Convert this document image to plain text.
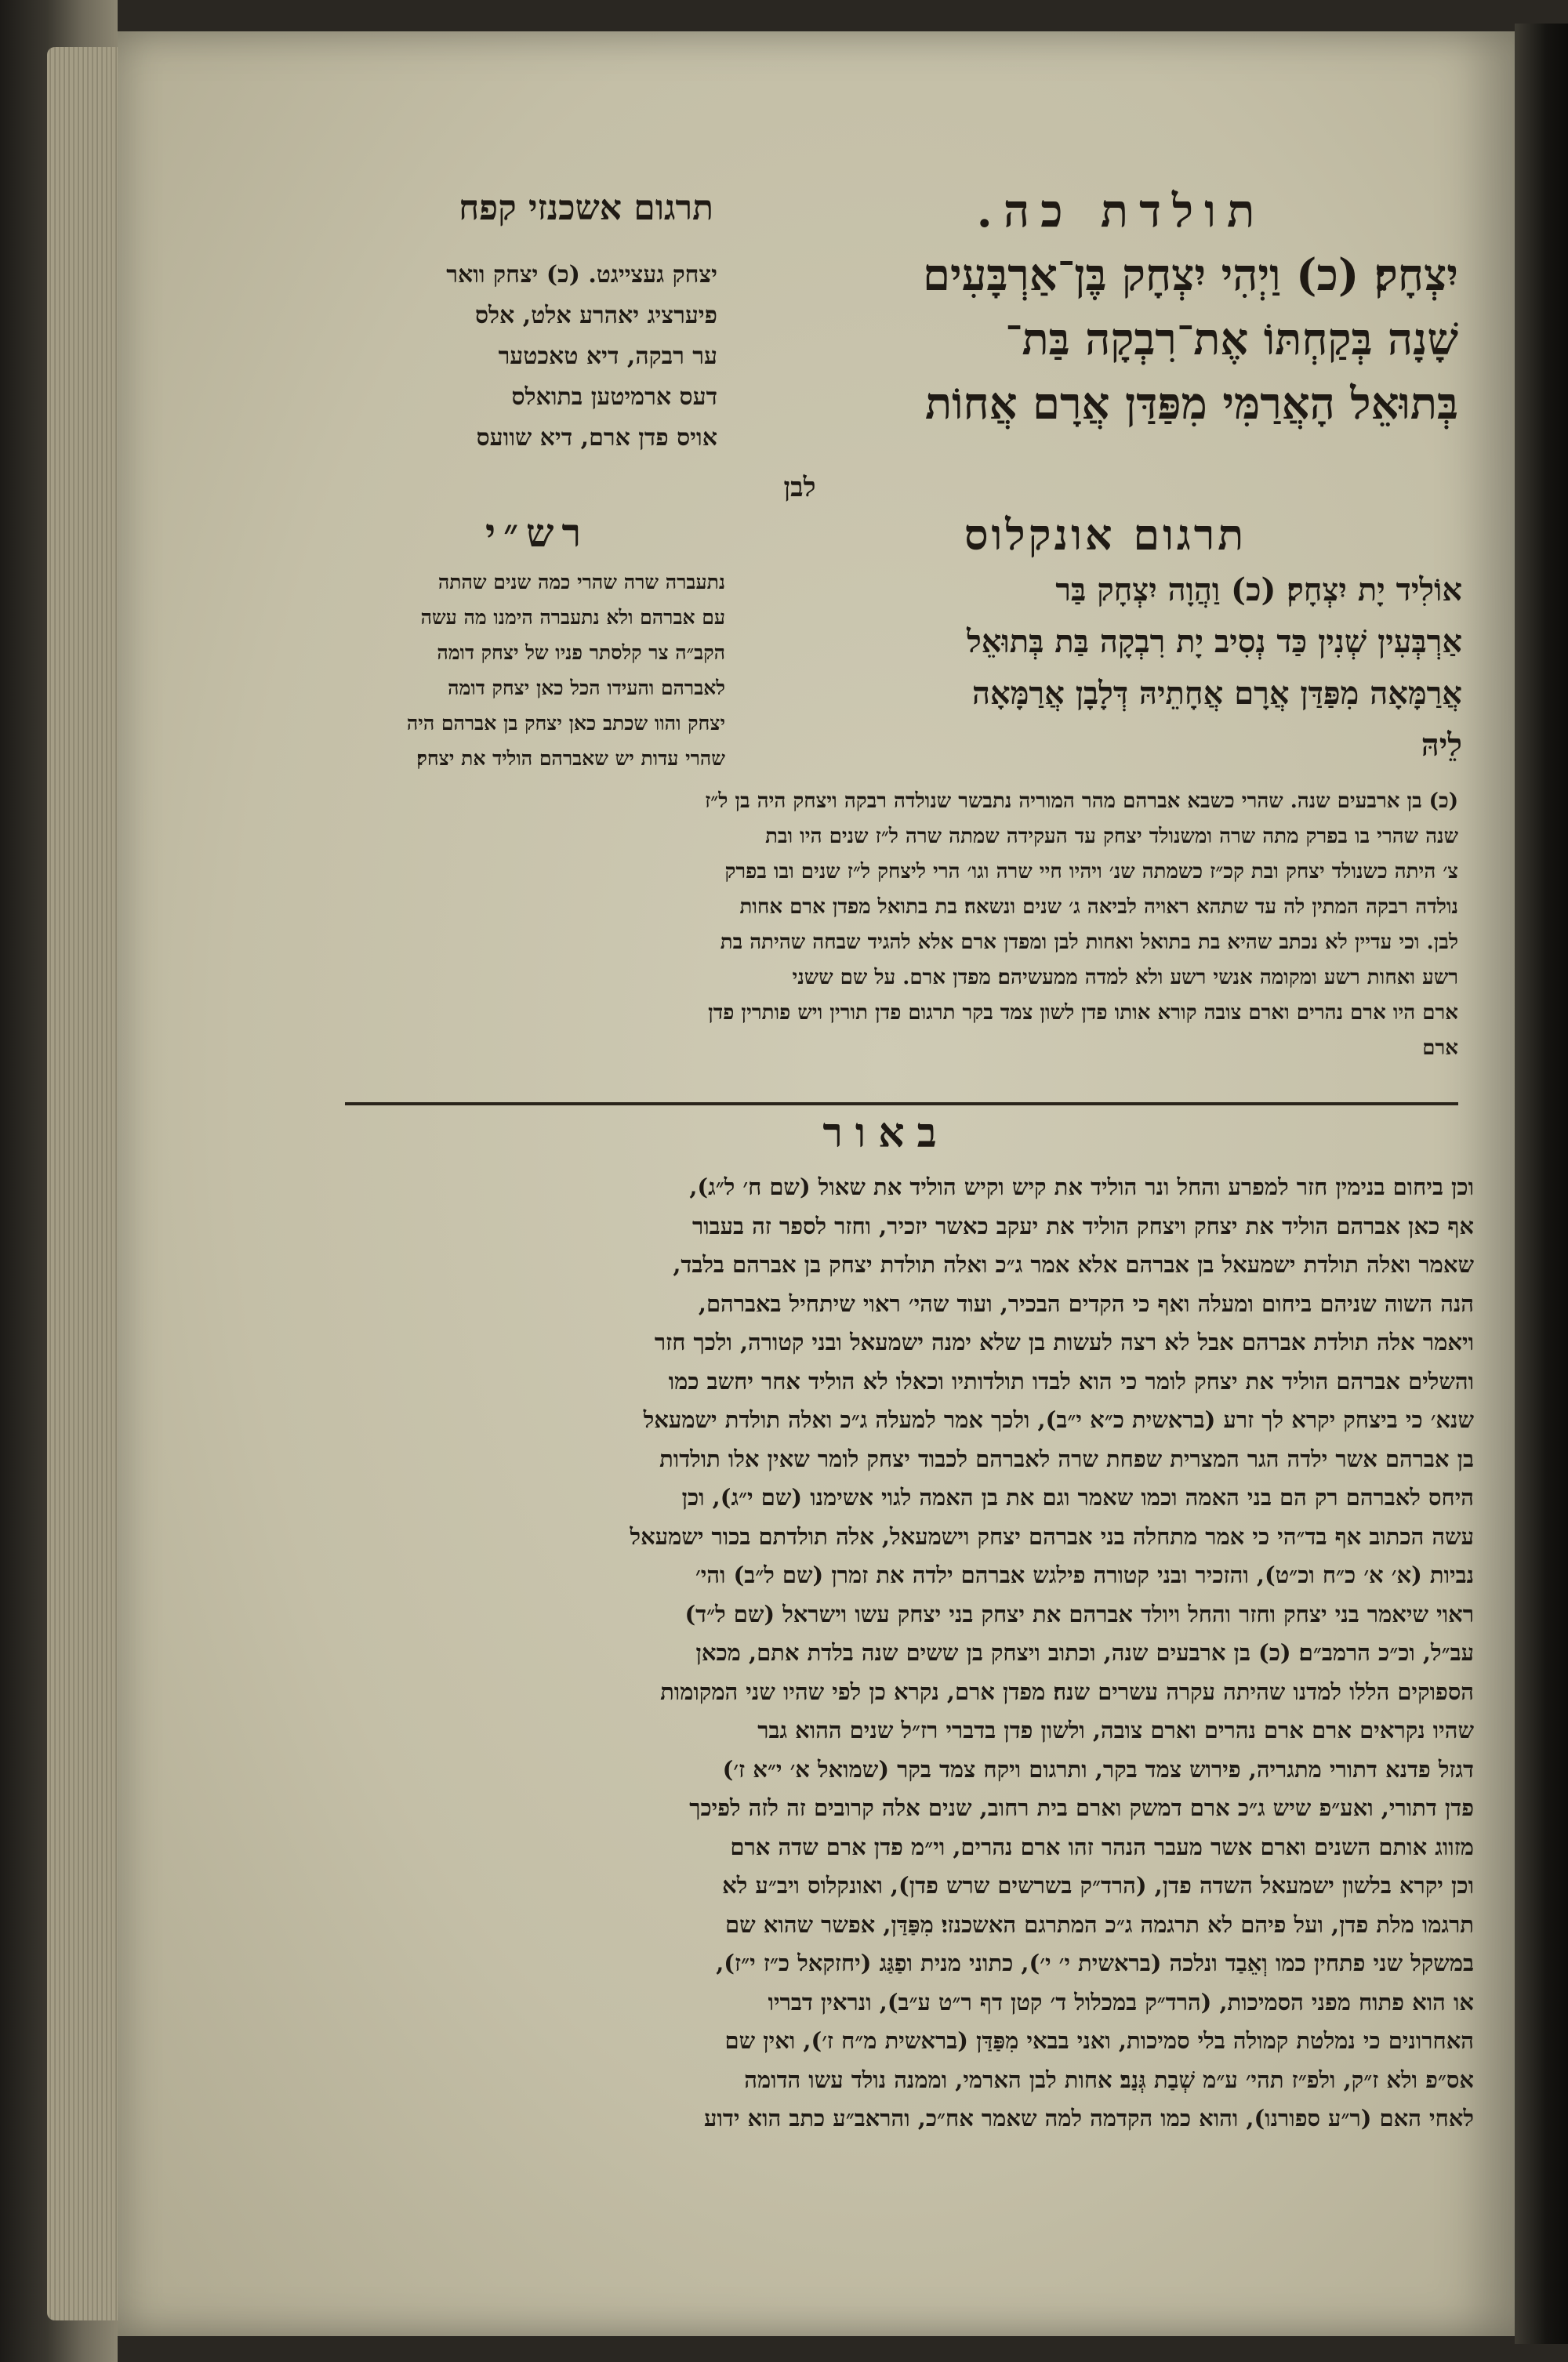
תולדת כה.
תרגום אשכנזי קפח
יִצְחָק׃ (כ) וַיְהִי יִצְחָק בֶּן־אַרְבָּעִים
שָׁנָה בְּקַחְתּוֹ אֶת־רִבְקָה בַּת־
בְּתוּאֵל הָאֲרַמִּי מִפַּדַּן אֲרָם אֲחוֹת
לבן
יצחק געצייגט. (כ) יצחק וואר
פיערציג יאהרע אלט, אלס
ער רבקה, דיא טאכטער
דעס ארמיטען בתואלס
אויס פדן ארם, דיא שוועס
תרגום אונקלוס
רש״י
אוֹלִיד יָת יִצְחָק׃ (כ) וַהֲוָה יִצְחָק בַּר
אַרְבְּעִין שְׁנִין כַּד נְסִיב יָת רִבְקָה בַּת בְּתוּאֵל
אֲרַמָּאָה מִפַּדַּן אֲרָם אֲחָתֵיהּ דְּלָבָן אֲרַמָּאָה
לֵיהּ
נתעברה שרה שהרי כמה שנים שהתה
עם אברהם ולא נתעברה הימנו מה עשה
הקב״ה צר קלסתר פניו של יצחק דומה
לאברהם והעידו הכל כאן יצחק דומה
יצחק והוו שכתב כאן יצחק בן אברהם היה
שהרי עדות יש שאברהם הוליד את יצחק׃
(כ) בן ארבעים שנה. שהרי כשבא אברהם מהר המוריה נתבשר שנולדה רבקה ויצחק היה בן ל״ז
שנה שהרי בו בפרק מתה שרה ומשנולד יצחק עד העקידה שמתה שרה ל״ז שנים היו ובת
צ׳ היתה כשנולד יצחק ובת קכ״ז כשמתה שנ׳ ויהיו חיי שרה וגו׳ הרי ליצחק ל״ז שנים ובו בפרק
נולדה רבקה המתין לה עד שתהא ראויה לביאה ג׳ שנים ונשאה׃ בת בתואל מפדן ארם אחות
לבן. וכי עדיין לא נכתב שהיא בת בתואל ואחות לבן ומפדן ארם אלא להגיד שבחה שהיתה בת
רשע ואחות רשע ומקומה אנשי רשע ולא למדה ממעשיהם׃ מפדן ארם. על שם ששני
ארם היו ארם נהרים וארם צובה קורא אותו פדן לשון צמד בקר תרגום פדן תורין ויש פותרין פדן
ארם
באור
וכן ביחום בנימין חזר למפרע והחל ונר הוליד את קיש וקיש הוליד את שאול (שם ח׳ ל״ג),
אף כאן אברהם הוליד את יצחק ויצחק הוליד את יעקב כאשר יזכיר, וחזר לספר זה בעבור
שאמר ואלה תולדת ישמעאל בן אברהם אלא אמר ג״כ ואלה תולדת יצחק בן אברהם בלבד,
הנה השוה שניהם ביחום ומעלה ואף כי הקדים הבכיר, ועוד שהי׳ ראוי שיתחיל באברהם,
ויאמר אלה תולדת אברהם אבל לא רצה לעשות בן שלא ימנה ישמעאל ובני קטורה, ולכך חזר
והשלים אברהם הוליד את יצחק לומר כי הוא לבדו תולדותיו וכאלו לא הוליד אחר יחשב כמו
שנא׳ כי ביצחק יקרא לך זרע (בראשית כ״א י״ב), ולכך אמר למעלה ג״כ ואלה תולדת ישמעאל
בן אברהם אשר ילדה הגר המצרית שפחת שרה לאברהם לכבוד יצחק לומר שאין אלו תולדות
היחס לאברהם רק הם בני האמה וכמו שאמר וגם את בן האמה לגוי אשימנו (שם י״ג), וכן
עשה הכתוב אף בד״הי כי אמר מתחלה בני אברהם יצחק וישמעאל, אלה תולדתם בכור ישמעאל
נביות (א׳ א׳ כ״ח וכ״ט), והזכיר ובני קטורה פילגש אברהם ילדה את זמרן (שם ל״ב) והי׳
ראוי שיאמר בני יצחק וחזר והחל ויולד אברהם את יצחק בני יצחק עשו וישראל (שם ל״ד)
עב״ל, וכ״כ הרמב״ם׃ (כ) בן ארבעים שנה, וכתוב ויצחק בן ששים שנה בלדת אתם, מכאן
הספוקים הללו למדנו שהיתה עקרה עשרים שנה׃ מפדן ארם, נקרא כן לפי שהיו שני המקומות
שהיו נקראים ארם ארם נהרים וארם צובה, ולשון פדן בדברי רז״ל שנים ההוא גבר
דגזל פדנא דתורי מתגריה, פירוש צמד בקר, ותרגום ויקח צמד בקר (שמואל א׳ י״א ז׳)
פדן דתורי, ואע״פ שיש ג״כ ארם דמשק וארם בית רחוב, שנים אלה קרובים זה לזה לפיכך
מזווג אותם השנים וארם אשר מעבר הנהר זהו ארם נהרים, וי״מ פדן ארם שדה ארם
וכן יקרא בלשון ישמעאל השדה פדן, (הרד״ק בשרשים שרש פדן), ואונקלוס ויב״ע לא
תרגמו מלת פדן, ועל פיהם לא תרגמה ג״כ המתרגם האשכנזי׃ מִפַּדַּן, אפשר שהוא שם
במשקל שני פתחין כמו וְאֵבַד ונלכה (בראשית י׳ י׳), כתוני מנית ופַגַּג (יחזקאל כ״ז י״ז),
או הוא פתוח מפני הסמיכות, (הרד״ק במכלול ד׳ קטן דף ר״ט ע״ב), ונראין דבריו
האחרונים כי נמלטת קמולה בלי סמיכות, ואני בבאי מִפַּדַּן (בראשית מ״ח ז׳), ואין שם
אס״פ ולא ז״ק, ולפ״ז תהי׳ ע״מ שְׁבַת גְּנַב׃ אחות לבן הארמי, וממנה נולד עשו הדומה
לאחי האם (ר״ע ספורנו), והוא כמו הקדמה למה שאמר אח״כ, והראב״ע כתב הוא ידוע
